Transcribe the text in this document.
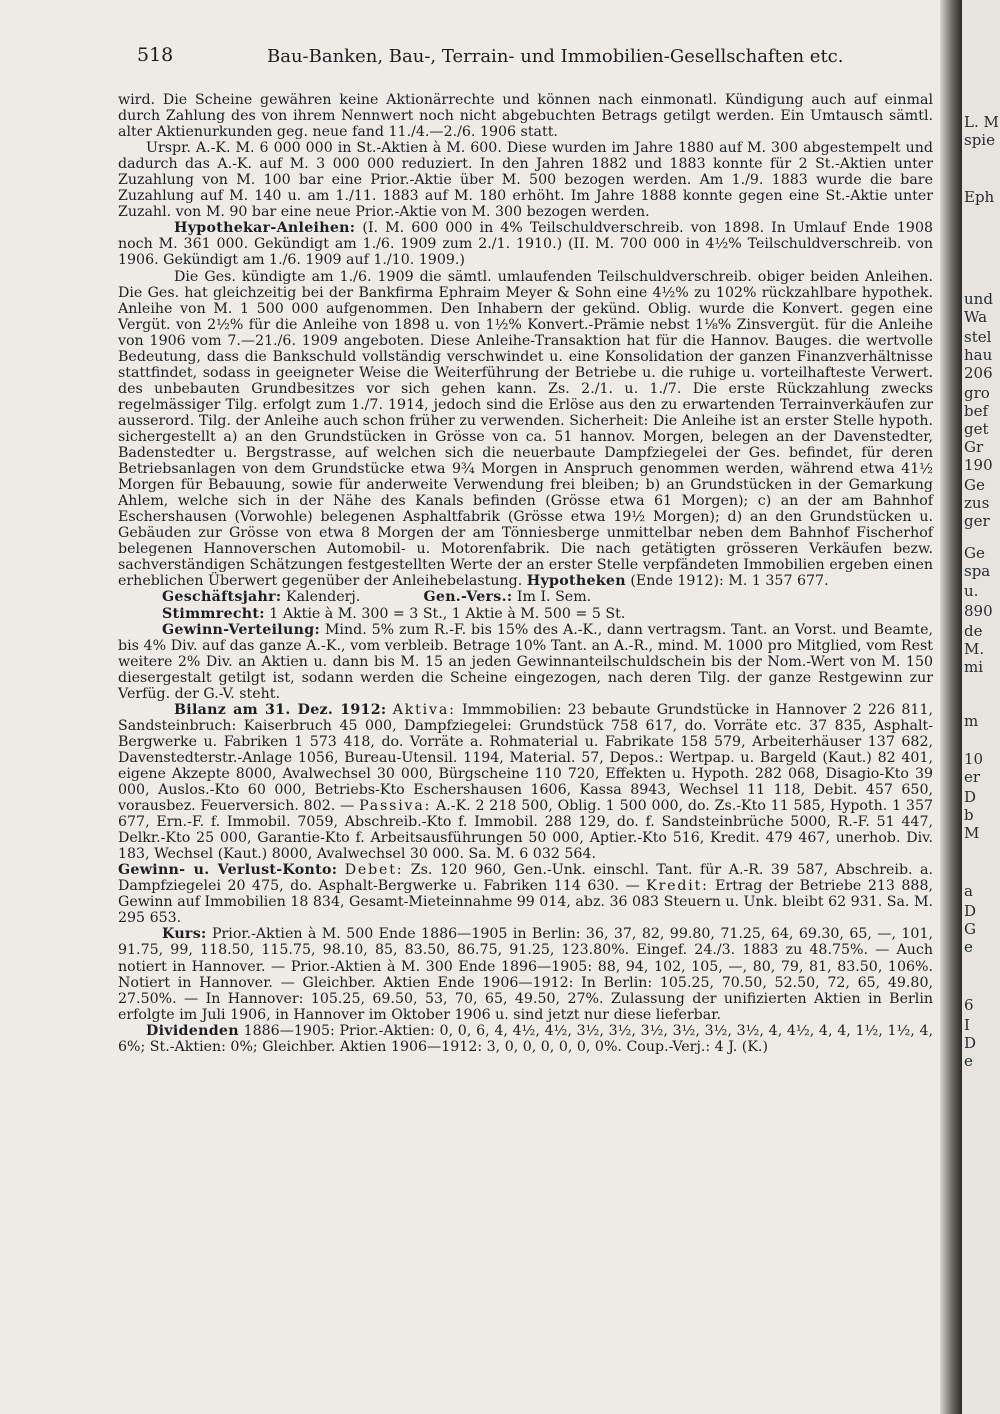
518	Bau-Banken, Bau-, Terrain- und Immobilien-Gesellschaften etc.

wird. Die Scheine gewähren keine Aktionärrechte und können nach einmonatl. Kündigung auch auf einmal durch Zahlung des von ihrem Nennwert noch nicht abgebuchten Betrags getilgt werden. Ein Umtausch sämtl. alter Aktienurkunden geg. neue fand 11./4.—2./6. 1906 statt.

Urspr. A.-K. M. 6 000 000 in St.-Aktien à M. 600. Diese wurden im Jahre 1880 auf M. 300 abgestempelt und dadurch das A.-K. auf M. 3 000 000 reduziert. In den Jahren 1882 und 1883 konnte für 2 St.-Aktien unter Zuzahlung von M. 100 bar eine Prior.-Aktie über M. 500 bezogen werden. Am 1./9. 1883 wurde die bare Zuzahlung auf M. 140 u. am 1./11. 1883 auf M. 180 erhöht. Im Jahre 1888 konnte gegen eine St.-Aktie unter Zuzahl. von M. 90 bar eine neue Prior.-Aktie von M. 300 bezogen werden.

Hypothekar-Anleihen: (I. M. 600 000 in 4% Teilschuldverschreib. von 1898. In Umlauf Ende 1908 noch M. 361 000. Gekündigt am 1./6. 1909 zum 2./1. 1910.) (II. M. 700 000 in 4½% Teilschuldverschreib. von 1906. Gekündigt am 1./6. 1909 auf 1./10. 1909.)

Die Ges. kündigte am 1./6. 1909 die sämtl. umlaufenden Teilschuldverschreib. obiger beiden Anleihen. Die Ges. hat gleichzeitig bei der Bankfirma Ephraim Meyer & Sohn eine 4½% zu 102% rückzahlbare hypothek. Anleihe von M. 1 500 000 aufgenommen. Den Inhabern der gekünd. Oblig. wurde die Konvert. gegen eine Vergüt. von 2½% für die Anleihe von 1898 u. von 1½% Konvert.-Prämie nebst 1⅛% Zinsvergüt. für die Anleihe von 1906 vom 7.—21./6. 1909 angeboten. Diese Anleihe-Transaktion hat für die Hannov. Bauges. die wertvolle Bedeutung, dass die Bankschuld vollständig verschwindet u. eine Konsolidation der ganzen Finanzverhältnisse stattfindet, sodass in geeigneter Weise die Weiterführung der Betriebe u. die ruhige u. vorteilhafteste Verwert. des unbebauten Grundbesitzes vor sich gehen kann. Zs. 2./1. u. 1./7. Die erste Rückzahlung zwecks regelmässiger Tilg. erfolgt zum 1./7. 1914, jedoch sind die Erlöse aus den zu erwartenden Terrainverkäufen zur ausserord. Tilg. der Anleihe auch schon früher zu verwenden. Sicherheit: Die Anleihe ist an erster Stelle hypoth. sichergestellt a) an den Grundstücken in Grösse von ca. 51 hannov. Morgen, belegen an der Davenstedter, Badenstedter u. Bergstrasse, auf welchen sich die neuerbaute Dampfziegelei der Ges. befindet, für deren Betriebsanlagen von dem Grundstücke etwa 9¾ Morgen in Anspruch genommen werden, während etwa 41½ Morgen für Bebauung, sowie für anderweite Verwendung frei bleiben; b) an Grundstücken in der Gemarkung Ahlem, welche sich in der Nähe des Kanals befinden (Grösse etwa 61 Morgen); c) an der am Bahnhof Eschershausen (Vorwohle) belegenen Asphaltfabrik (Grösse etwa 19½ Morgen); d) an den Grundstücken u. Gebäuden zur Grösse von etwa 8 Morgen der am Tönniesberge unmittelbar neben dem Bahnhof Fischerhof belegenen Hannoverschen Automobil- u. Motorenfabrik. Die nach getätigten grösseren Verkäufen bezw. sachverständigen Schätzungen festgestellten Werte der an erster Stelle verpfändeten Immobilien ergeben einen erheblichen Überwert gegenüber der Anleihebelastung. Hypotheken (Ende 1912): M. 1 357 677.

Geschäftsjahr: Kalenderj.	Gen.-Vers.: Im I. Sem.

Stimmrecht: 1 Aktie à M. 300 = 3 St., 1 Aktie à M. 500 = 5 St.

Gewinn-Verteilung: Mind. 5% zum R.-F. bis 15% des A.-K., dann vertragsm. Tant. an Vorst. und Beamte, bis 4% Div. auf das ganze A.-K., vom verbleib. Betrage 10% Tant. an A.-R., mind. M. 1000 pro Mitglied, vom Rest weitere 2% Div. an Aktien u. dann bis M. 15 an jeden Gewinnanteilschuldschein bis der Nom.-Wert von M. 150 diesergestalt getilgt ist, sodann werden die Scheine eingezogen, nach deren Tilg. der ganze Restgewinn zur Verfüg. der G.-V. steht.

Bilanz am 31. Dez. 1912: Aktiva: Immmobilien: 23 bebaute Grundstücke in Hannover 2 226 811, Sandsteinbruch: Kaiserbruch 45 000, Dampfziegelei: Grundstück 758 617, do. Vorräte etc. 37 835, Asphalt-Bergwerke u. Fabriken 1 573 418, do. Vorräte a. Rohmaterial u. Fabrikate 158 579, Arbeiterhäuser 137 682, Davenstedterstr.-Anlage 1056, Bureau-Utensil. 1194, Material. 57, Depos.: Wertpap. u. Bargeld (Kaut.) 82 401, eigene Akzepte 8000, Avalwechsel 30 000, Bürgscheine 110 720, Effekten u. Hypoth. 282 068, Disagio-Kto 39 000, Auslos.-Kto 60 000, Betriebs-Kto Eschershausen 1606, Kassa 8943, Wechsel 11 118, Debit. 457 650, vorausbez. Feuerversich. 802. — Passiva: A.-K. 2 218 500, Oblig. 1 500 000, do. Zs.-Kto 11 585, Hypoth. 1 357 677, Ern.-F. f. Immobil. 7059, Abschreib.-Kto f. Immobil. 288 129, do. f. Sandsteinbrüche 5000, R.-F. 51 447, Delkr.-Kto 25 000, Garantie-Kto f. Arbeitsausführungen 50 000, Aptier.-Kto 516, Kredit. 479 467, unerhob. Div. 183, Wechsel (Kaut.) 8000, Avalwechsel 30 000. Sa. M. 6 032 564.

Gewinn- u. Verlust-Konto: Debet: Zs. 120 960, Gen.-Unk. einschl. Tant. für A.-R. 39 587, Abschreib. a. Dampfziegelei 20 475, do. Asphalt-Bergwerke u. Fabriken 114 630. — Kredit: Ertrag der Betriebe 213 888, Gewinn auf Immobilien 18 834, Gesamt-Mieteinnahme 99 014, abz. 36 083 Steuern u. Unk. bleibt 62 931. Sa. M. 295 653.

Kurs: Prior.-Aktien à M. 500 Ende 1886—1905 in Berlin: 36, 37, 82, 99.80, 71.25, 64, 69.30, 65, —, 101, 91.75, 99, 118.50, 115.75, 98.10, 85, 83.50, 86.75, 91.25, 123.80%. Eingef. 24./3. 1883 zu 48.75%. — Auch notiert in Hannover. — Prior.-Aktien à M. 300 Ende 1896—1905: 88, 94, 102, 105, —, 80, 79, 81, 83.50, 106%. Notiert in Hannover. — Gleichber. Aktien Ende 1906—1912: In Berlin: 105.25, 70.50, 52.50, 72, 65, 49.80, 27.50%. — In Hannover: 105.25, 69.50, 53, 70, 65, 49.50, 27%. Zulassung der unifizierten Aktien in Berlin erfolgte im Juli 1906, in Hannover im Oktober 1906 u. sind jetzt nur diese lieferbar.

Dividenden 1886—1905: Prior.-Aktien: 0, 0, 6, 4, 4½, 4½, 3½, 3½, 3½, 3½, 3½, 3½, 4, 4½, 4, 4, 1½, 1½, 4, 6%; St.-Aktien: 0%; Gleichber. Aktien 1906—1912: 3, 0, 0, 0, 0, 0, 0%. Coup.-Verj.: 4 J. (K.)

L. M
spie
Eph
und
Wa
stel
hau
206
gro
bef
get
Gr
190
Ge
zus
ger
Ge
spa
u.
890
de
M.
mi
m
10
er
D
b
M
a
D
G
e
6
I
D
e
